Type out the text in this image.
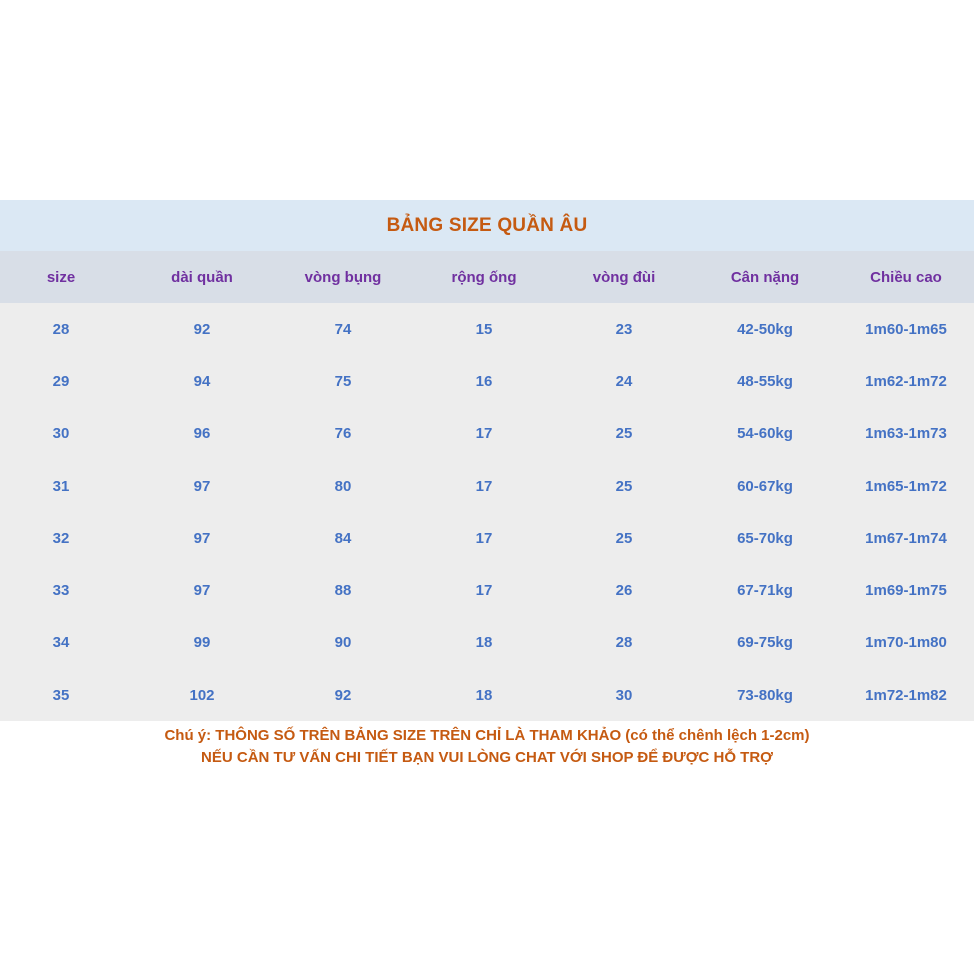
BẢNG SIZE QUẦN ÂU
size	dài quần	vòng bụng	rộng ống	vòng đùi	Cân nặng	Chiều cao
28	92	74	15	23	42-50kg	1m60-1m65
29	94	75	16	24	48-55kg	1m62-1m72
30	96	76	17	25	54-60kg	1m63-1m73
31	97	80	17	25	60-67kg	1m65-1m72
32	97	84	17	25	65-70kg	1m67-1m74
33	97	88	17	26	67-71kg	1m69-1m75
34	99	90	18	28	69-75kg	1m70-1m80
35	102	92	18	30	73-80kg	1m72-1m82
Chú ý: THÔNG SỐ TRÊN BẢNG SIZE TRÊN CHỈ LÀ THAM KHẢO (có thể chênh lệch 1-2cm)
NẾU CẦN TƯ VẤN CHI TIẾT BẠN VUI LÒNG CHAT VỚI SHOP ĐỂ ĐƯỢC HỖ TRỢ
